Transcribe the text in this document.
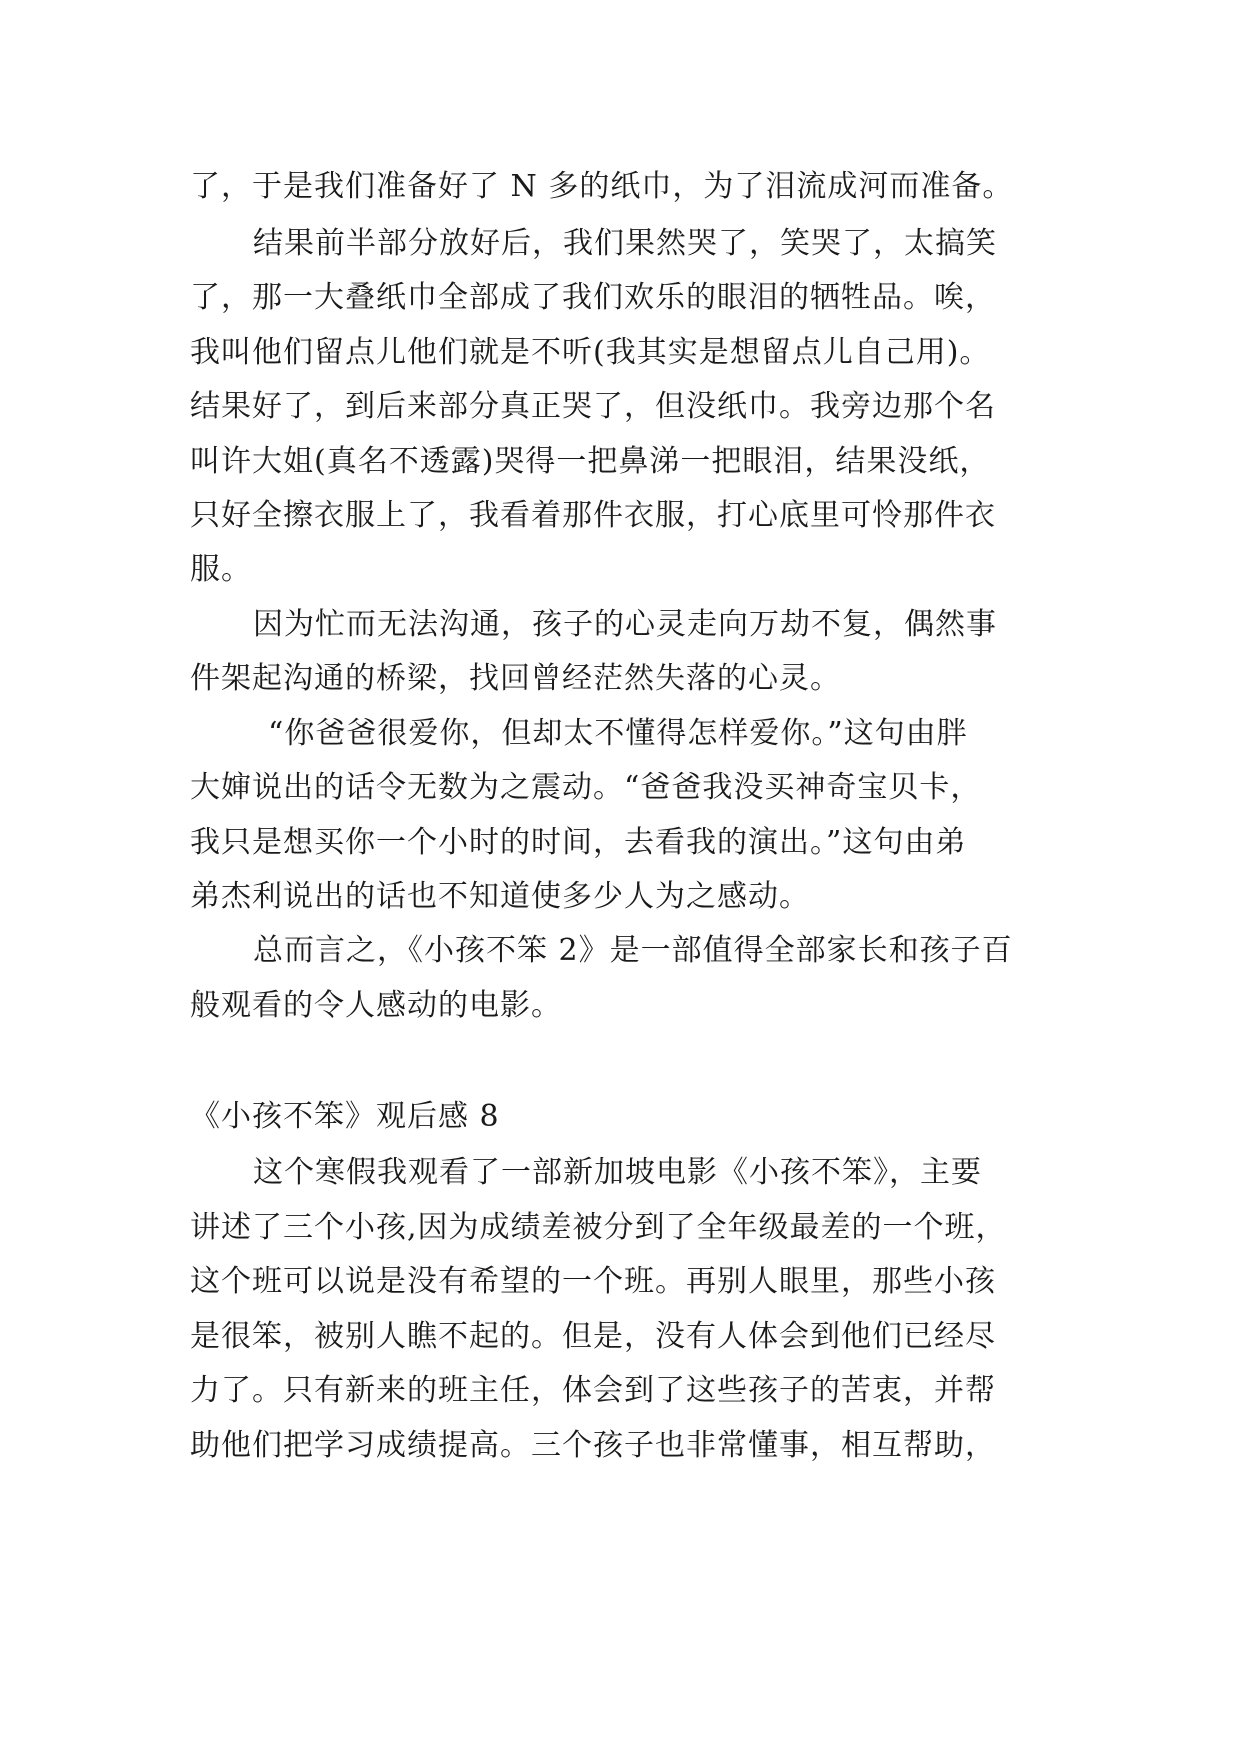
了，于是我们准备好了 N 多的纸巾，为了泪流成河而准备。
结果前半部分放好后，我们果然哭了，笑哭了，太搞笑
了，那一大叠纸巾全部成了我们欢乐的眼泪的牺牲品。唉，
我叫他们留点儿他们就是不听(我其实是想留点儿自己用)。
结果好了，到后来部分真正哭了，但没纸巾。我旁边那个名
叫许大姐(真名不透露)哭得一把鼻涕一把眼泪，结果没纸，
只好全擦衣服上了，我看着那件衣服，打心底里可怜那件衣
服。
因为忙而无法沟通，孩子的心灵走向万劫不复，偶然事
件架起沟通的桥梁，找回曾经茫然失落的心灵。
“你爸爸很爱你，但却太不懂得怎样爱你。”这句由胖
大婶说出的话令无数为之震动。“爸爸我没买神奇宝贝卡，
我只是想买你一个小时的时间，去看我的演出。”这句由弟
弟杰利说出的话也不知道使多少人为之感动。
总而言之，《小孩不笨 2》是一部值得全部家长和孩子百
般观看的令人感动的电影。
《小孩不笨》观后感 8
这个寒假我观看了一部新加坡电影《小孩不笨》，主要
讲述了三个小孩,因为成绩差被分到了全年级最差的一个班，
这个班可以说是没有希望的一个班。再别人眼里，那些小孩
是很笨，被别人瞧不起的。但是，没有人体会到他们已经尽
力了。只有新来的班主任，体会到了这些孩子的苦衷，并帮
助他们把学习成绩提高。三个孩子也非常懂事，相互帮助，
